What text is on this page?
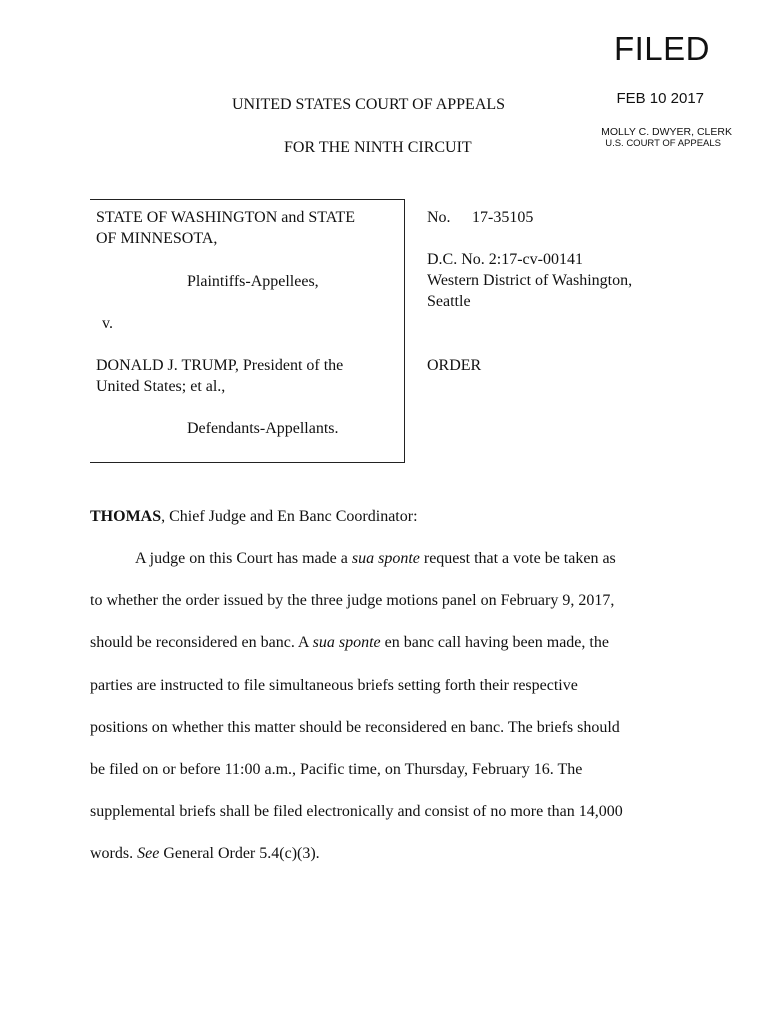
FILED
FEB 10 2017
MOLLY C. DWYER, CLERK
U.S. COURT OF APPEALS
UNITED STATES COURT OF APPEALS
FOR THE NINTH CIRCUIT
STATE OF WASHINGTON and STATE
OF MINNESOTA,
Plaintiffs-Appellees,
v.
DONALD J. TRUMP, President of the
United States; et al.,
Defendants-Appellants.
No. 17-35105
D.C. No. 2:17-cv-00141
Western District of Washington,
Seattle
ORDER
THOMAS, Chief Judge and En Banc Coordinator:
A judge on this Court has made a sua sponte request that a vote be taken as
to whether the order issued by the three judge motions panel on February 9, 2017,
should be reconsidered en banc. A sua sponte en banc call having been made, the
parties are instructed to file simultaneous briefs setting forth their respective
positions on whether this matter should be reconsidered en banc. The briefs should
be filed on or before 11:00 a.m., Pacific time, on Thursday, February 16. The
supplemental briefs shall be filed electronically and consist of no more than 14,000
words. See General Order 5.4(c)(3).
